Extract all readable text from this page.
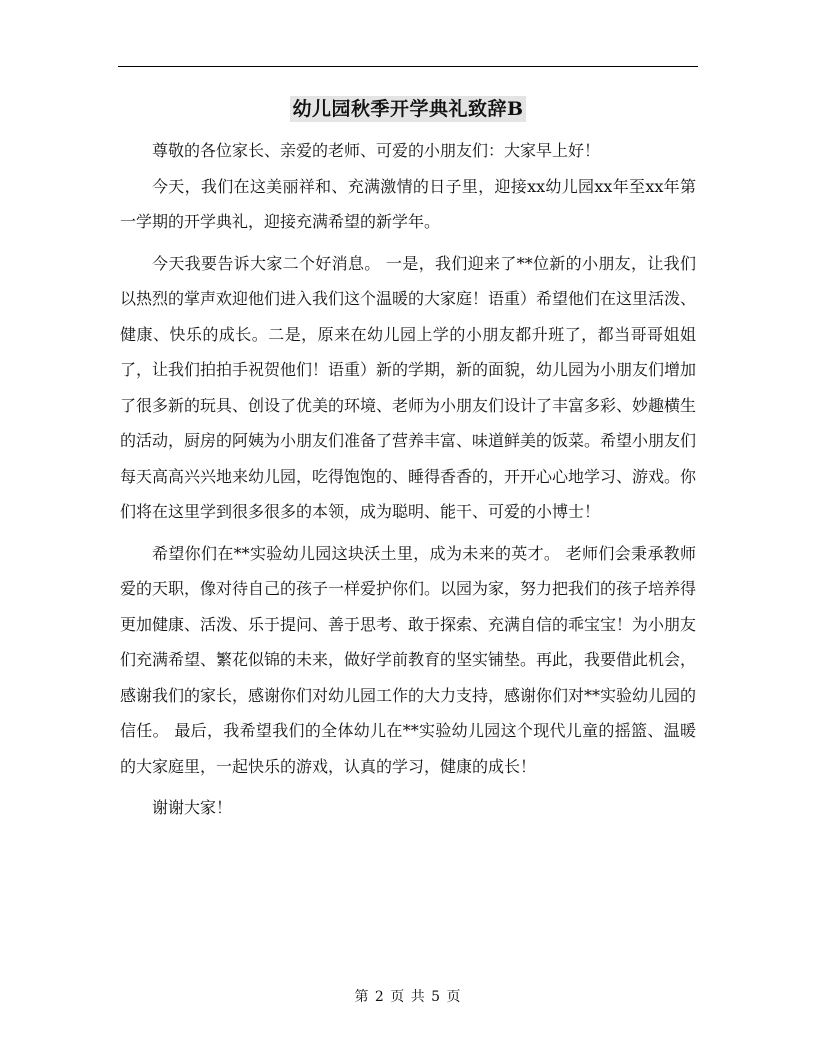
幼儿园秋季开学典礼致辞B

尊敬的各位家长、亲爱的老师、可爱的小朋友们：大家早上好！

今天，我们在这美丽祥和、充满激情的日子里，迎接xx幼儿园xx年至xx年第一学期的开学典礼，迎接充满希望的新学年。

今天我要告诉大家二个好消息。 一是，我们迎来了**位新的小朋友，让我们以热烈的掌声欢迎他们进入我们这个温暖的大家庭！语重）希望他们在这里活泼、健康、快乐的成长。二是，原来在幼儿园上学的小朋友都升班了，都当哥哥姐姐了，让我们拍拍手祝贺他们！语重）新的学期，新的面貌，幼儿园为小朋友们增加了很多新的玩具、创设了优美的环境、老师为小朋友们设计了丰富多彩、妙趣横生的活动，厨房的阿姨为小朋友们准备了营养丰富、味道鲜美的饭菜。希望小朋友们每天高高兴兴地来幼儿园，吃得饱饱的、睡得香香的，开开心心地学习、游戏。你们将在这里学到很多很多的本领，成为聪明、能干、可爱的小博士！

希望你们在**实验幼儿园这块沃土里，成为未来的英才。 老师们会秉承教师爱的天职，像对待自己的孩子一样爱护你们。以园为家，努力把我们的孩子培养得更加健康、活泼、乐于提问、善于思考、敢于探索、充满自信的乖宝宝！为小朋友们充满希望、繁花似锦的未来，做好学前教育的坚实铺垫。再此，我要借此机会，感谢我们的家长，感谢你们对幼儿园工作的大力支持，感谢你们对**实验幼儿园的信任。 最后，我希望我们的全体幼儿在**实验幼儿园这个现代儿童的摇篮、温暖的大家庭里，一起快乐的游戏，认真的学习，健康的成长！

谢谢大家！

第 2 页 共 5 页
